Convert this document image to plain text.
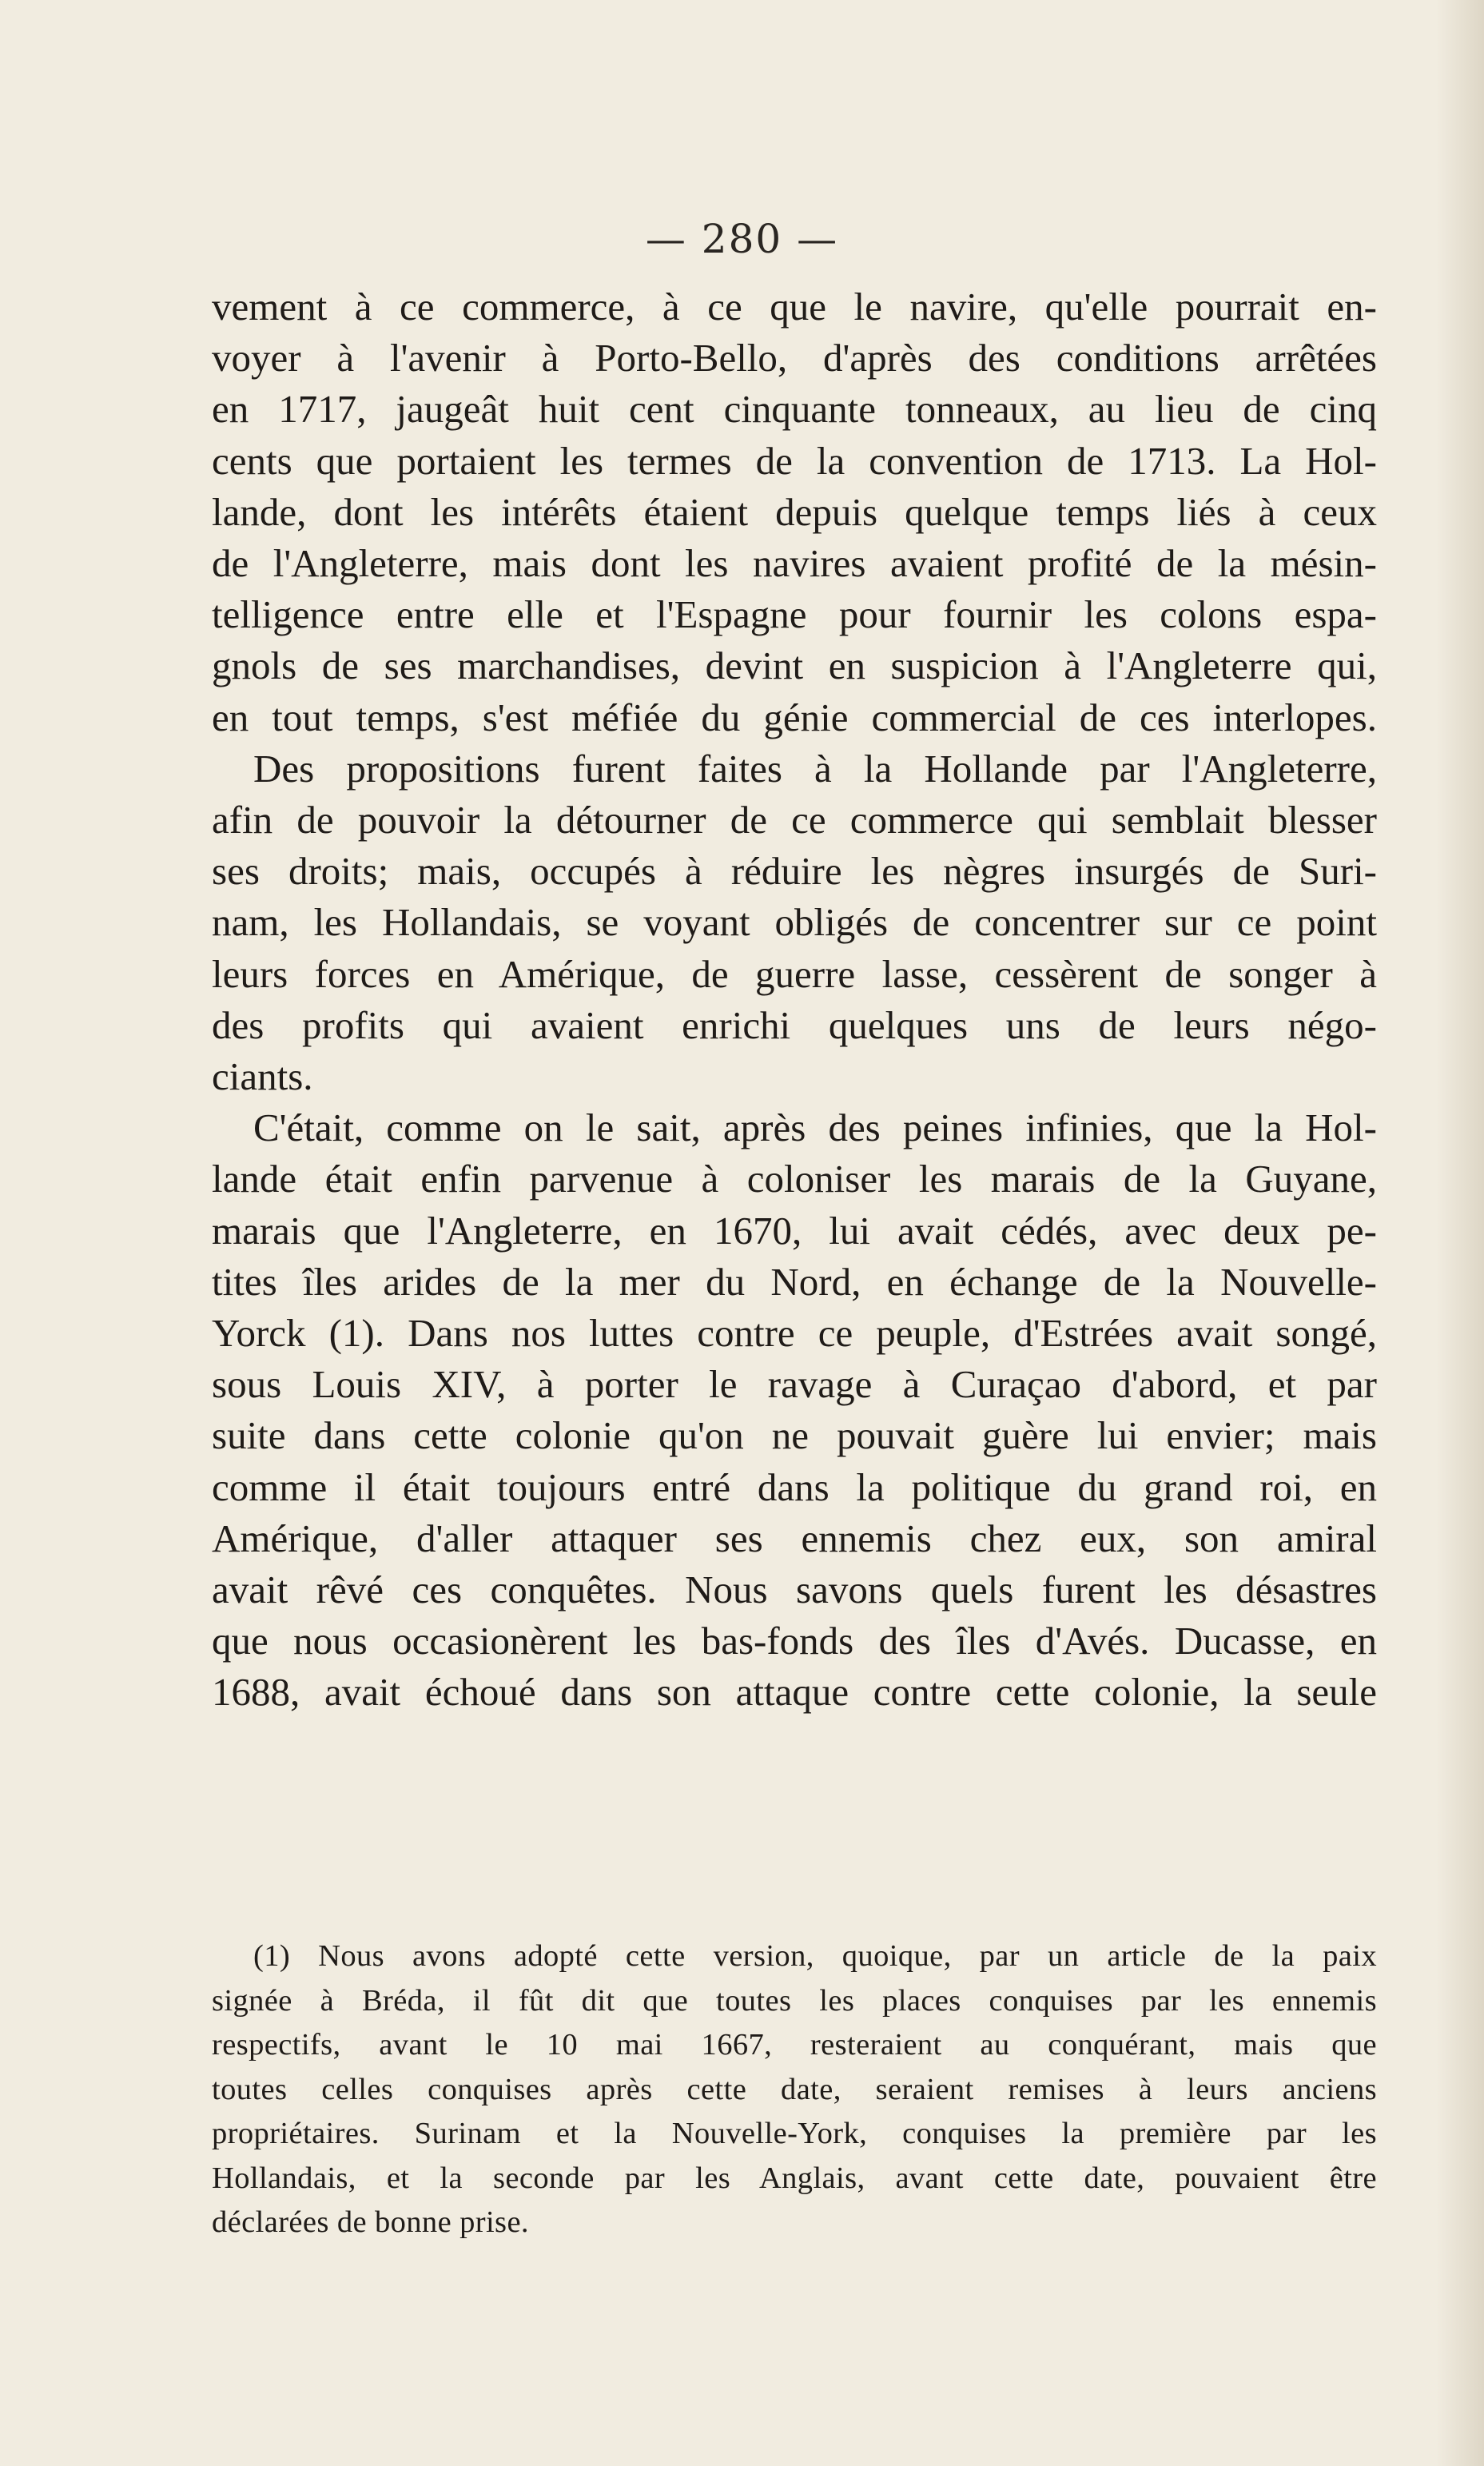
— 280 —
vement à ce commerce, à ce que le navire, qu'elle pourrait en-
voyer à l'avenir à Porto-Bello, d'après des conditions arrêtées
en 1717, jaugeât huit cent cinquante tonneaux, au lieu de cinq
cents que portaient les termes de la convention de 1713. La Hol-
lande, dont les intérêts étaient depuis quelque temps liés à ceux
de l'Angleterre, mais dont les navires avaient profité de la mésin-
telligence entre elle et l'Espagne pour fournir les colons espa-
gnols de ses marchandises, devint en suspicion à l'Angleterre qui,
en tout temps, s'est méfiée du génie commercial de ces interlopes.
Des propositions furent faites à la Hollande par l'Angleterre,
afin de pouvoir la détourner de ce commerce qui semblait blesser
ses droits; mais, occupés à réduire les nègres insurgés de Suri-
nam, les Hollandais, se voyant obligés de concentrer sur ce point
leurs forces en Amérique, de guerre lasse, cessèrent de songer à
des profits qui avaient enrichi quelques uns de leurs négo-
ciants.
C'était, comme on le sait, après des peines infinies, que la Hol-
lande était enfin parvenue à coloniser les marais de la Guyane,
marais que l'Angleterre, en 1670, lui avait cédés, avec deux pe-
tites îles arides de la mer du Nord, en échange de la Nouvelle-
Yorck (1). Dans nos luttes contre ce peuple, d'Estrées avait songé,
sous Louis XIV, à porter le ravage à Curaçao d'abord, et par
suite dans cette colonie qu'on ne pouvait guère lui envier; mais
comme il était toujours entré dans la politique du grand roi, en
Amérique, d'aller attaquer ses ennemis chez eux, son amiral
avait rêvé ces conquêtes. Nous savons quels furent les désastres
que nous occasionèrent les bas-fonds des îles d'Avés. Ducasse, en
1688, avait échoué dans son attaque contre cette colonie, la seule
(1) Nous avons adopté cette version, quoique, par un article de la paix
signée à Bréda, il fût dit que toutes les places conquises par les ennemis
respectifs, avant le 10 mai 1667, resteraient au conquérant, mais que
toutes celles conquises après cette date, seraient remises à leurs anciens
propriétaires. Surinam et la Nouvelle-York, conquises la première par les
Hollandais, et la seconde par les Anglais, avant cette date, pouvaient être
déclarées de bonne prise.
